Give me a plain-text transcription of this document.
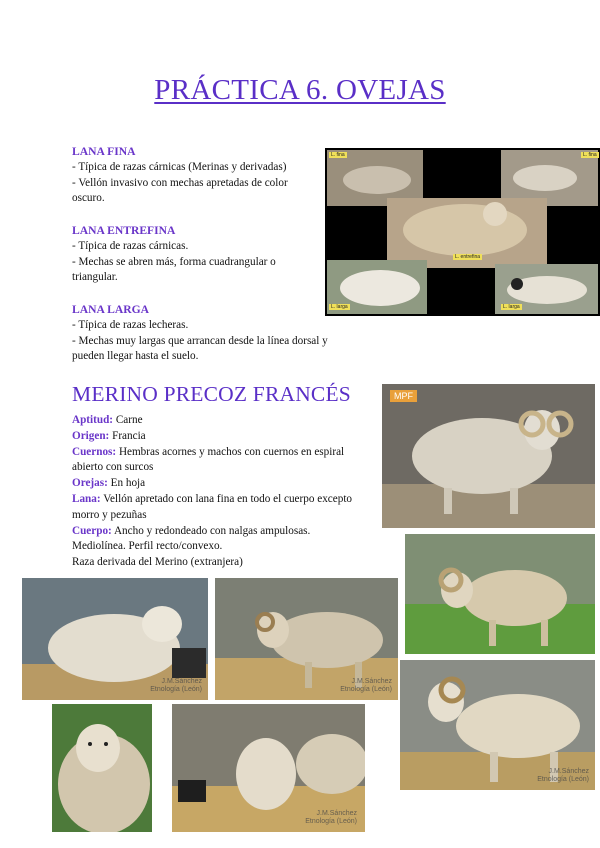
PRÁCTICA 6. OVEJAS
LANA FINA

- Típica de razas cárnicas (Merinas y derivadas)

- Vellón invasivo con mechas apretadas de color oscuro.

LANA ENTREFINA

- Típica de razas cárnicas.

- Mechas se abren más, forma cuadrangular o triangular.

LANA LARGA

- Típica de razas lecheras.

- Mechas muy largas que arrancan desde la línea dorsal y pueden llegar hasta el suelo.

L. fina	L. fina
L. entrefina
L. larga	L. larga
MERINO PRECOZ FRANCÉS

Aptitud: Carne

Origen: Francia

Cuernos: Hembras acornes y machos con cuernos en espiral abierto con surcos

Orejas: En hoja

Lana: Vellón apretado con lana fina en todo el cuerpo excepto morro y pezuñas

Cuerpo: Ancho y redondeado con nalgas ampulosas.

Mediolínea. Perfil recto/convexo.

Raza derivada del Merino (extranjera)

MPF
J.M.Sánchez
Etnología (León)
J.M.Sánchez
Etnología (León)
J.M.Sánchez
Etnología (León)
J.M.Sánchez
Etnología (León)
